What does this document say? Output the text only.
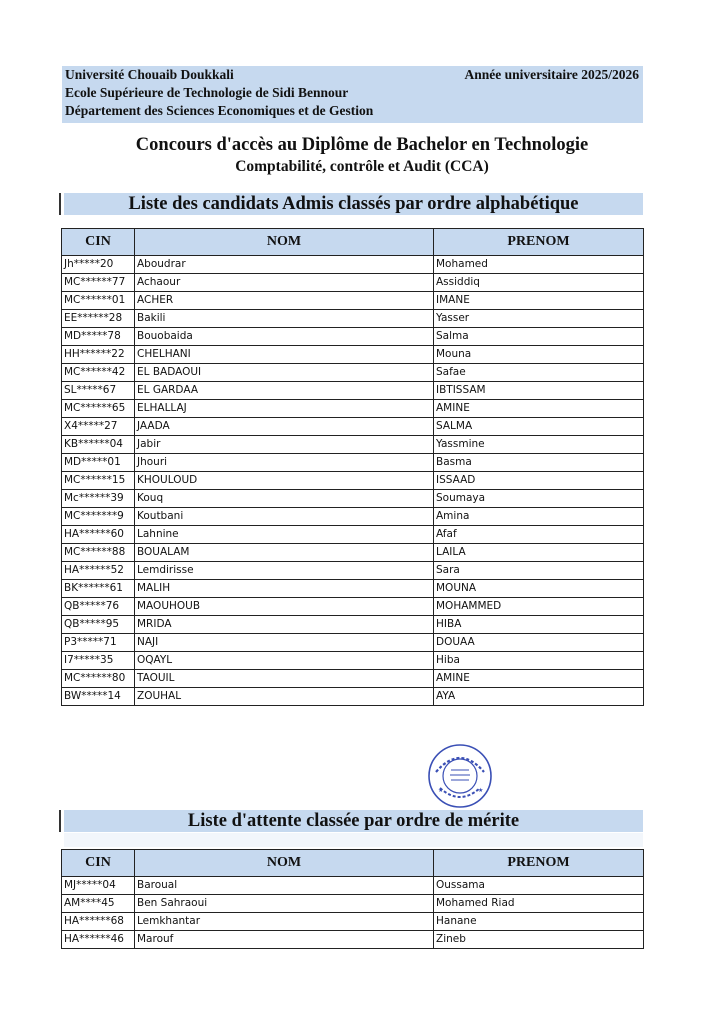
Université Chouaib Doukkali
Ecole Supérieure de Technologie de Sidi Bennour
Département des Sciences Economiques et de Gestion
Année universitaire 2025/2026
Concours d'accès au Diplôme de Bachelor en Technologie
Comptabilité, contrôle et Audit (CCA)
Liste des candidats Admis classés par ordre alphabétique
CIN	NOM	PRENOM
Jh*****20	Aboudrar	Mohamed
MC******77	Achaour	Assiddiq
MC******01	ACHER	IMANE
EE******28	Bakili	Yasser
MD*****78	Bouobaida	Salma
HH******22	CHELHANI	Mouna
MC******42	EL BADAOUI	Safae
SL*****67	EL GARDAA	IBTISSAM
MC******65	ELHALLAJ	AMINE
X4*****27	JAADA	SALMA
KB******04	Jabir	Yassmine
MD*****01	Jhouri	Basma
MC******15	KHOULOUD	ISSAAD
Mc******39	Kouq	Soumaya
MC*******9	Koutbani	Amina
HA******60	Lahnine	Afaf
MC******88	BOUALAM	LAILA
HA******52	Lemdirisse	Sara
BK******61	MALIH	MOUNA
QB*****76	MAOUHOUB	MOHAMMED
QB*****95	MRIDA	HIBA
P3*****71	NAJI	DOUAA
I7*****35	OQAYL	Hiba
MC******80	TAOUIL	AMINE
BW*****14	ZOUHAL	AYA
★	★
Liste d'attente classée par ordre de mérite
CIN	NOM	PRENOM
MJ*****04	Baroual	Oussama
AM****45	Ben Sahraoui	Mohamed Riad
HA******68	Lemkhantar	Hanane
HA******46	Marouf	Zineb
